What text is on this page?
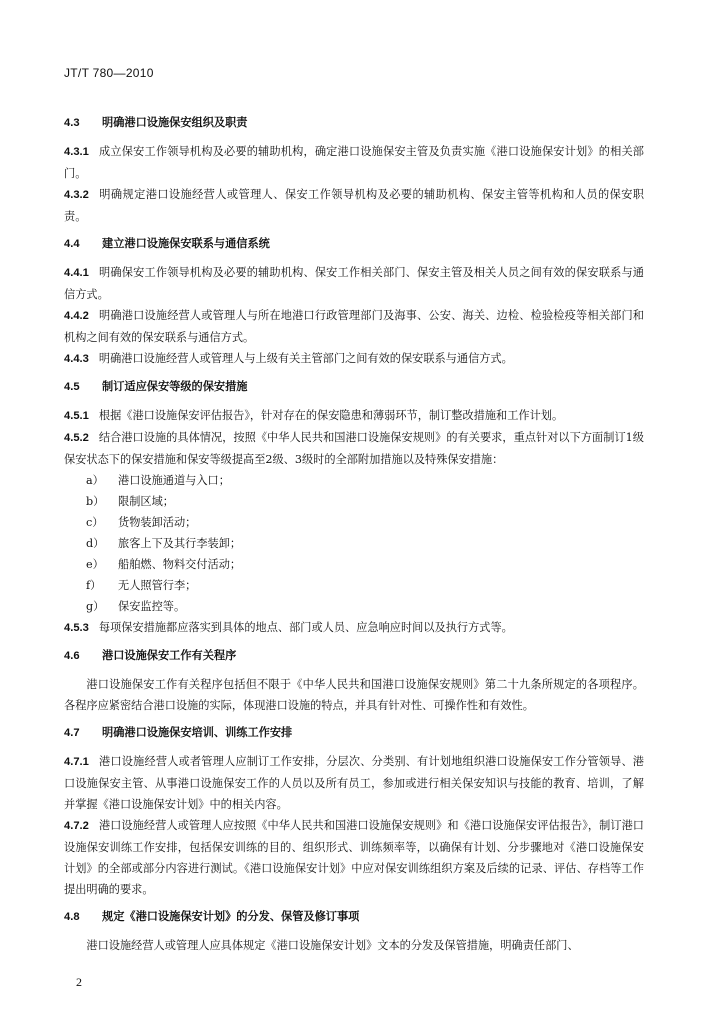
JT/T 780—2010
4.3 明确港口设施保安组织及职责

4.3.1 成立保安工作领导机构及必要的辅助机构，确定港口设施保安主管及负责实施《港口设施保安计划》的相关部门。

4.3.2 明确规定港口设施经营人或管理人、保安工作领导机构及必要的辅助机构、保安主管等机构和人员的保安职责。

4.4 建立港口设施保安联系与通信系统

4.4.1 明确保安工作领导机构及必要的辅助机构、保安工作相关部门、保安主管及相关人员之间有效的保安联系与通信方式。

4.4.2 明确港口设施经营人或管理人与所在地港口行政管理部门及海事、公安、海关、边检、检验检疫等相关部门和机构之间有效的保安联系与通信方式。

4.4.3 明确港口设施经营人或管理人与上级有关主管部门之间有效的保安联系与通信方式。

4.5 制订适应保安等级的保安措施

4.5.1 根据《港口设施保安评估报告》，针对存在的保安隐患和薄弱环节，制订整改措施和工作计划。

4.5.2 结合港口设施的具体情况，按照《中华人民共和国港口设施保安规则》的有关要求，重点针对以下方面制订1级保安状态下的保安措施和保安等级提高至2级、3级时的全部附加措施以及特殊保安措施：

a）	港口设施通道与入口；
b）	限制区域；
c）	货物装卸活动；
d）	旅客上下及其行李装卸；
e）	船舶燃、物料交付活动；
f）	无人照管行李；
g）	保安监控等。

4.5.3 每项保安措施都应落实到具体的地点、部门或人员、应急响应时间以及执行方式等。

4.6 港口设施保安工作有关程序

港口设施保安工作有关程序包括但不限于《中华人民共和国港口设施保安规则》第二十九条所规定的各项程序。各程序应紧密结合港口设施的实际，体现港口设施的特点，并具有针对性、可操作性和有效性。

4.7 明确港口设施保安培训、训练工作安排

4.7.1 港口设施经营人或者管理人应制订工作安排，分层次、分类别、有计划地组织港口设施保安工作分管领导、港口设施保安主管、从事港口设施保安工作的人员以及所有员工，参加或进行相关保安知识与技能的教育、培训，了解并掌握《港口设施保安计划》中的相关内容。

4.7.2 港口设施经营人或管理人应按照《中华人民共和国港口设施保安规则》和《港口设施保安评估报告》，制订港口设施保安训练工作安排，包括保安训练的目的、组织形式、训练频率等，以确保有计划、分步骤地对《港口设施保安计划》的全部或部分内容进行测试。《港口设施保安计划》中应对保安训练组织方案及后续的记录、评估、存档等工作提出明确的要求。

4.8 规定《港口设施保安计划》的分发、保管及修订事项

港口设施经营人或管理人应具体规定《港口设施保安计划》文本的分发及保管措施，明确责任部门、

2
